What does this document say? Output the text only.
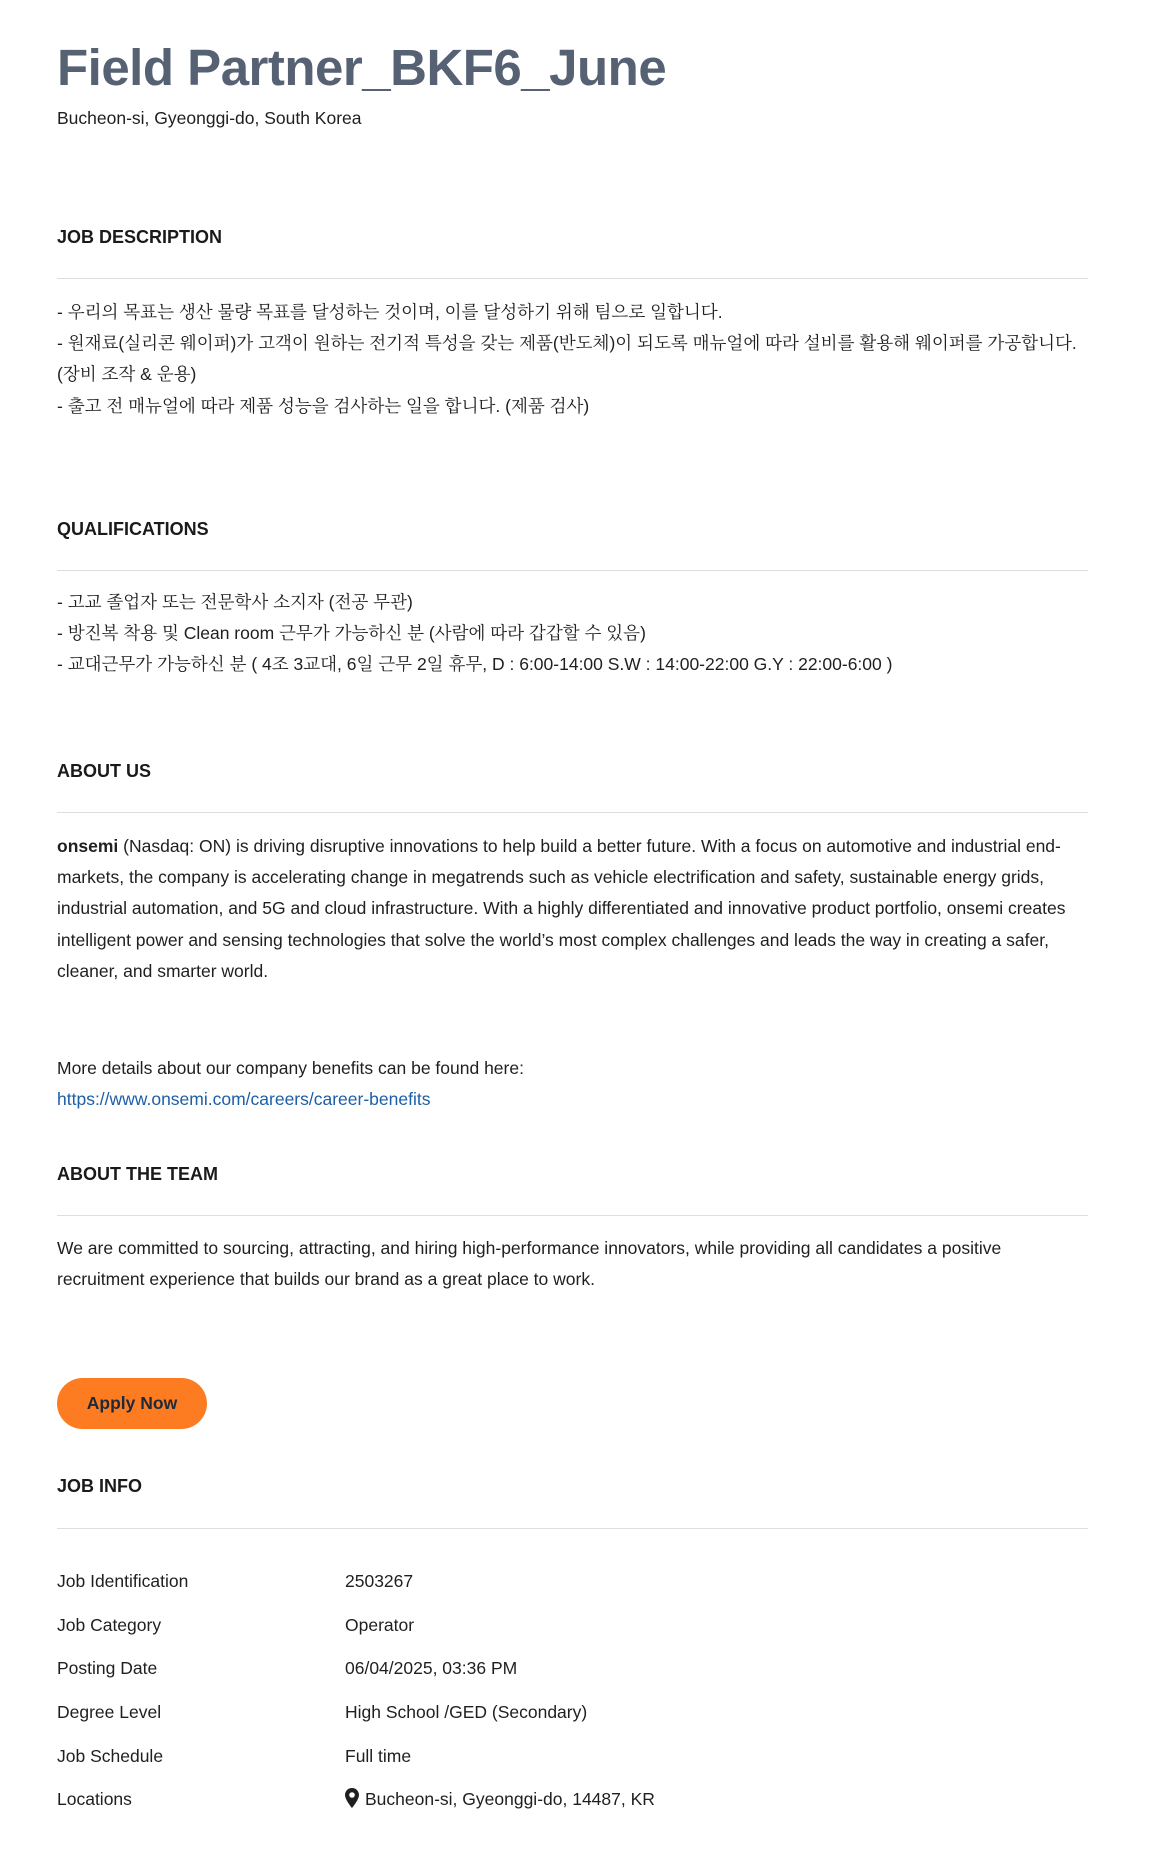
Field Partner_BKF6_June
Bucheon-si, Gyeonggi-do, South Korea
JOB DESCRIPTION

- 우리의 목표는 생산 물량 목표를 달성하는 것이며, 이를 달성하기 위해 팀으로 일합니다.

- 원재료(실리콘 웨이퍼)가 고객이 원하는 전기적 특성을 갖는 제품(반도체)이 되도록 매뉴얼에 따라 설비를 활용해 웨이퍼를 가공합니다. (장비 조작 & 운용)

- 출고 전 매뉴얼에 따라 제품 성능을 검사하는 일을 합니다. (제품 검사)

QUALIFICATIONS

- 고교 졸업자 또는 전문학사 소지자 (전공 무관)

- 방진복 착용 및 Clean room 근무가 가능하신 분 (사람에 따라 갑갑할 수 있음)

- 교대근무가 가능하신 분 ( 4조 3교대, 6일 근무 2일 휴무, D : 6:00-14:00 S.W : 14:00-22:00 G.Y : 22:00-6:00 )

ABOUT US
onsemi (Nasdaq: ON) is driving disruptive innovations to help build a better future. With a focus on automotive and industrial end-markets, the company is accelerating change in megatrends such as vehicle electrification and safety, sustainable energy grids, industrial automation, and 5G and cloud infrastructure. With a highly differentiated and innovative product portfolio, onsemi creates intelligent power and sensing technologies that solve the world’s most complex challenges and leads the way in creating a safer, cleaner, and smarter world.

More details about our company benefits can be found here:

https://www.onsemi.com/careers/career-benefits

ABOUT THE TEAM
We are committed to sourcing, attracting, and hiring high-performance innovators, while providing all candidates a positive recruitment experience that builds our brand as a great place to work.
Apply Now
JOB INFO
Job Identification	2503267
Job Category	Operator
Posting Date	06/04/2025, 03:36 PM
Degree Level	High School /GED (Secondary)
Job Schedule	Full time
Locations	Bucheon-si, Gyeonggi-do, 14487, KR
